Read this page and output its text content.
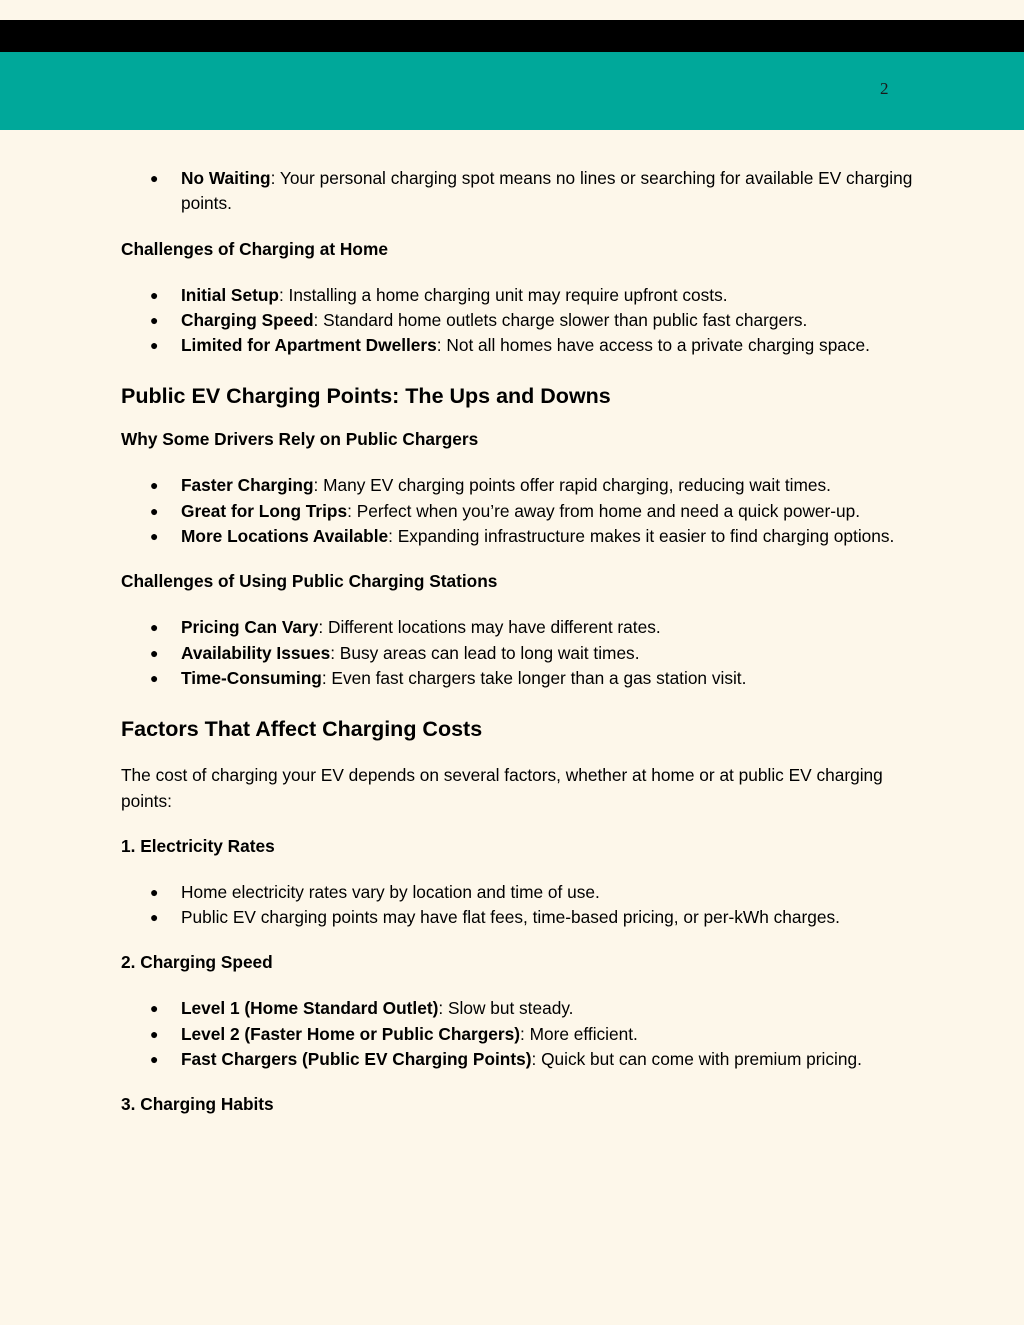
2
● No Waiting: Your personal charging spot means no lines or searching for available EV charging points.

Challenges of Charging at Home

● Initial Setup: Installing a home charging unit may require upfront costs.
● Charging Speed: Standard home outlets charge slower than public fast chargers.
● Limited for Apartment Dwellers: Not all homes have access to a private charging space.

Public EV Charging Points: The Ups and Downs

Why Some Drivers Rely on Public Chargers

● Faster Charging: Many EV charging points offer rapid charging, reducing wait times.
● Great for Long Trips: Perfect when you’re away from home and need a quick power-up.
● More Locations Available: Expanding infrastructure makes it easier to find charging options.

Challenges of Using Public Charging Stations

● Pricing Can Vary: Different locations may have different rates.
● Availability Issues: Busy areas can lead to long wait times.
● Time-Consuming: Even fast chargers take longer than a gas station visit.

Factors That Affect Charging Costs

The cost of charging your EV depends on several factors, whether at home or at public EV charging points:

1. Electricity Rates

● Home electricity rates vary by location and time of use.
● Public EV charging points may have flat fees, time-based pricing, or per-kWh charges.

2. Charging Speed

● Level 1 (Home Standard Outlet): Slow but steady.
● Level 2 (Faster Home or Public Chargers): More efficient.
● Fast Chargers (Public EV Charging Points): Quick but can come with premium pricing.

3. Charging Habits
